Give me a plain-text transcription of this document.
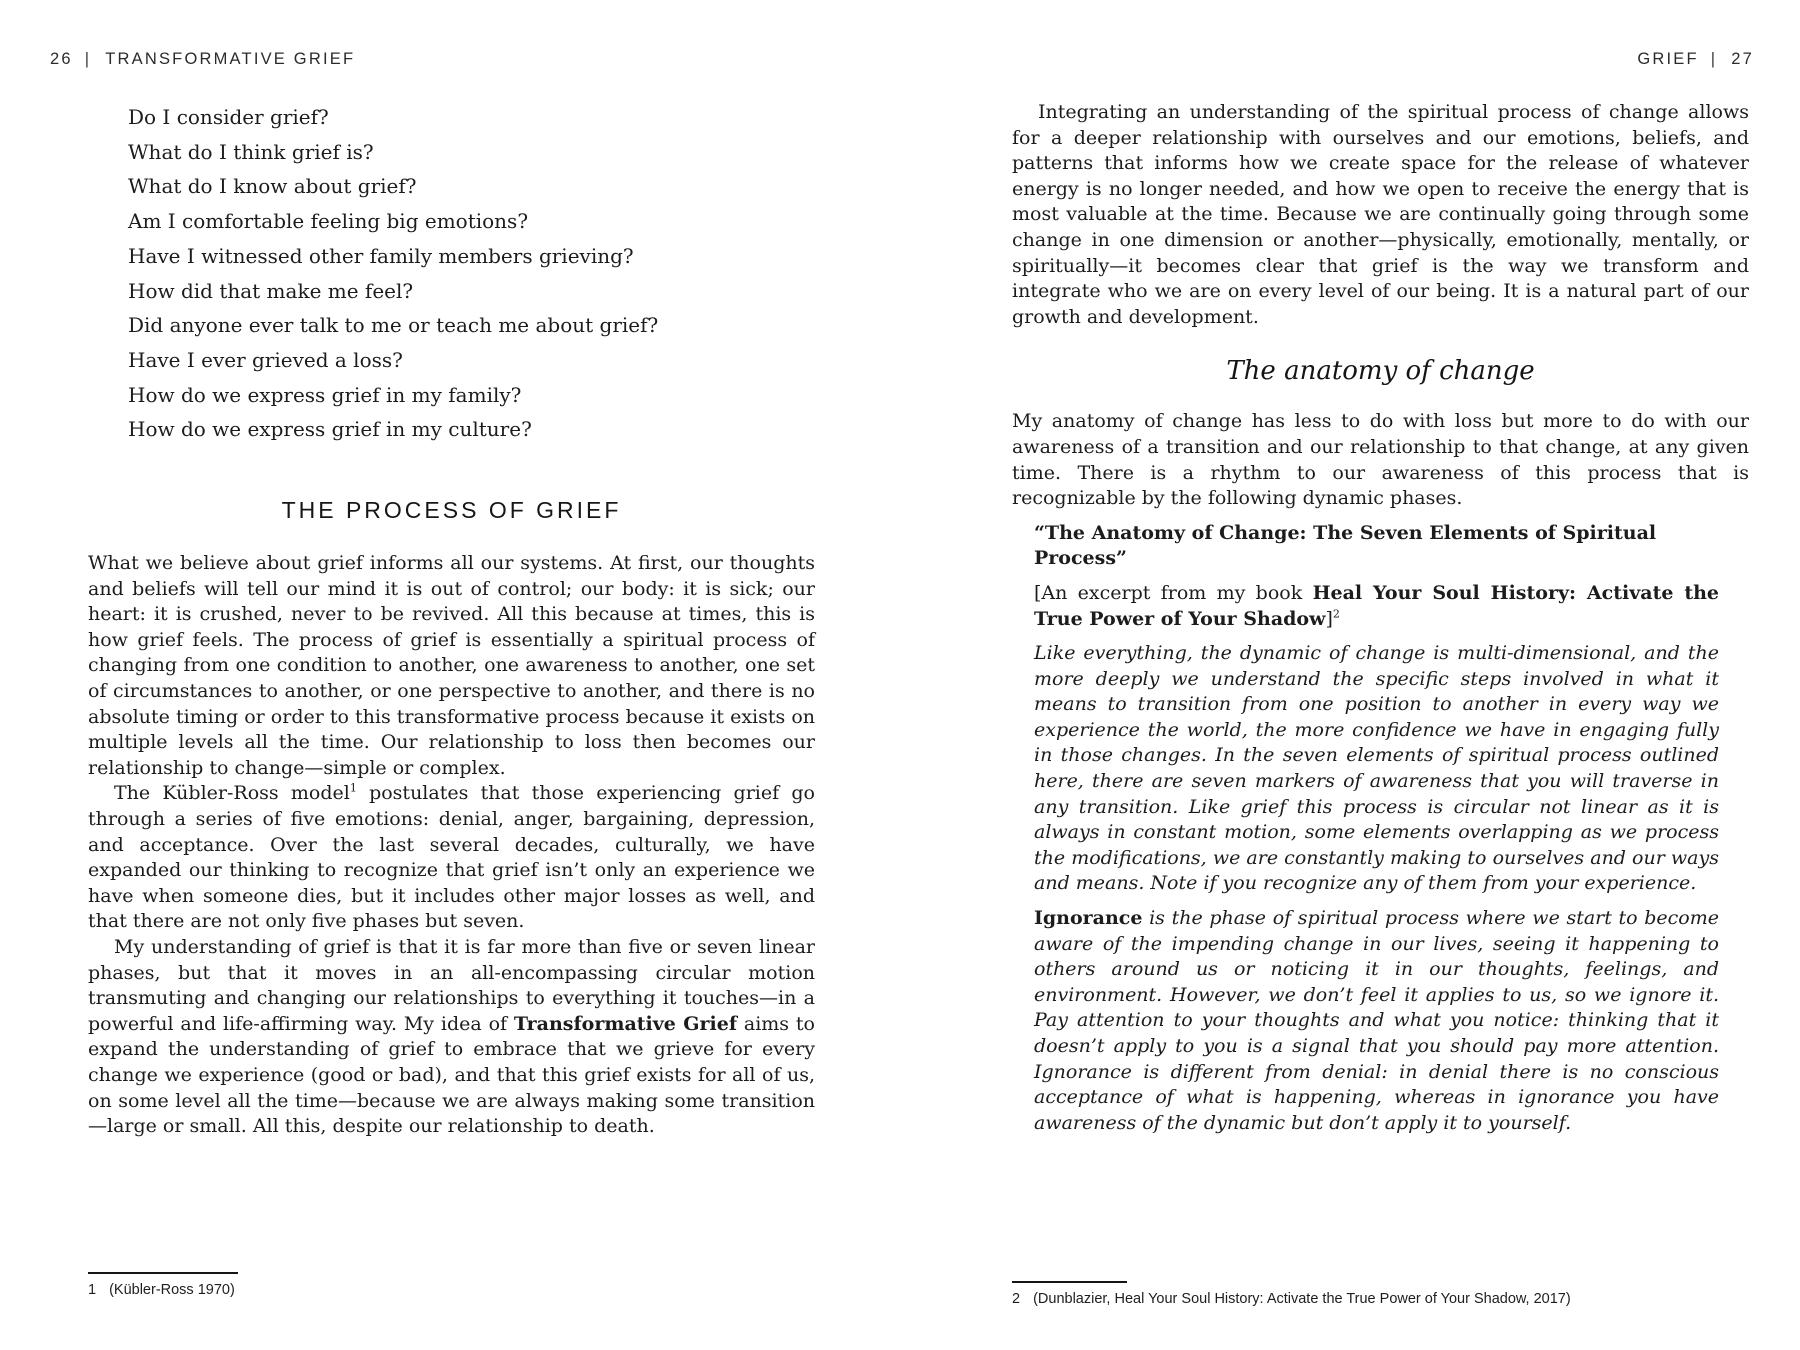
26 | TRANSFORMATIVE GRIEF	GRIEF | 27
Do I consider grief?
What do I think grief is?
What do I know about grief?
Am I comfortable feeling big emotions?
Have I witnessed other family members grieving?
How did that make me feel?
Did anyone ever talk to me or teach me about grief?
Have I ever grieved a loss?
How do we express grief in my family?
How do we express grief in my culture?
THE PROCESS OF GRIEF

What we believe about grief informs all our systems. At first, our thoughts and beliefs will tell our mind it is out of control; our body: it is sick; our heart: it is crushed, never to be revived. All this because at times, this is how grief feels. The process of grief is essentially a spiritual process of changing from one condition to another, one awareness to another, one set of circumstances to another, or one perspective to another, and there is no absolute timing or order to this transformative process because it exists on multiple levels all the time. Our relationship to loss then becomes our relationship to change—simple or complex.

The Kübler-Ross model$^1$ postulates that those experiencing grief go through a series of five emotions: denial, anger, bargaining, depression, and acceptance. Over the last several decades, culturally, we have expanded our thinking to recognize that grief isn’t only an experience we have when someone dies, but it includes other major losses as well, and that there are not only five phases but seven.

My understanding of grief is that it is far more than five or seven linear phases, but that it moves in an all-encompassing circular motion transmuting and changing our relationships to everything it touches—in a powerful and life-affirming way. My idea of Transformative Grief aims to expand the understanding of grief to embrace that we grieve for every change we experience (good or bad), and that this grief exists for all of us, on some level all the time—because we are always making some transition—large or small. All this, despite our relationship to death.

Integrating an understanding of the spiritual process of change allows for a deeper relationship with ourselves and our emotions, beliefs, and patterns that informs how we create space for the release of whatever energy is no longer needed, and how we open to receive the energy that is most valuable at the time. Because we are continually going through some change in one dimension or another—physically, emotionally, mentally, or spiritually—it becomes clear that grief is the way we transform and integrate who we are on every level of our being. It is a natural part of our growth and development.

The anatomy of change

My anatomy of change has less to do with loss but more to do with our awareness of a transition and our relationship to that change, at any given time. There is a rhythm to our awareness of this process that is recognizable by the following dynamic phases.

“The Anatomy of Change: The Seven Elements of Spiritual Process”

[An excerpt from my book Heal Your Soul History: Activate the True Power of Your Shadow]$^2$

Like everything, the dynamic of change is multi-dimensional, and the more deeply we understand the specific steps involved in what it means to transition from one position to another in every way we experience the world, the more confidence we have in engaging fully in those changes. In the seven elements of spiritual process outlined here, there are seven markers of awareness that you will traverse in any transition. Like grief this process is circular not linear as it is always in constant motion, some elements overlapping as we process the modifications, we are constantly making to ourselves and our ways and means. Note if you recognize any of them from your experience.

Ignorance is the phase of spiritual process where we start to become aware of the impending change in our lives, seeing it happening to others around us or noticing it in our thoughts, feelings, and environment. However, we don’t feel it applies to us, so we ignore it. Pay attention to your thoughts and what you notice: thinking that it doesn’t apply to you is a signal that you should pay more attention. Ignorance is different from denial: in denial there is no conscious acceptance of what is happening, whereas in ignorance you have awareness of the dynamic but don’t apply it to yourself.

1 (Kübler-Ross 1970)
2 (Dunblazier, Heal Your Soul History: Activate the True Power of Your Shadow, 2017)
